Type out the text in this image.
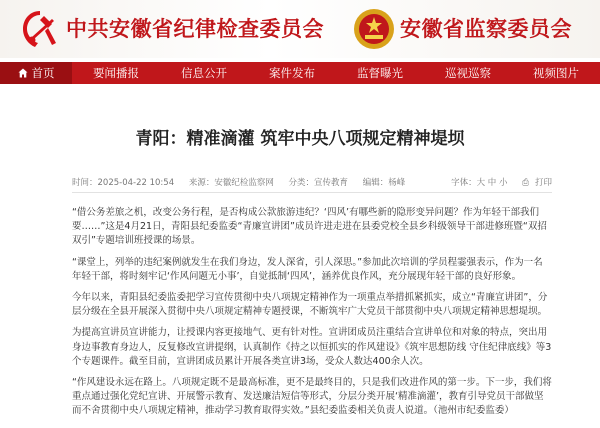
中共安徽省纪律检查委员会	安徽省监察委员会
首页	要闻播报	信息公开	案件发布	监督曝光	巡视巡察	视频图片
青阳：精准滴灌 筑牢中央八项规定精神堤坝
时间：2025-04-22 10:54 来源：安徽纪检监察网 分类：宣传教育 编辑：杨峰	字体：大 中 小 ⎙ 打印

“借公务差旅之机，改变公务行程，是否构成公款旅游违纪？‘四风’有哪些新的隐形变异问题？作为年轻干部我们要……”这是4月21日，青阳县纪委监委“青廉宣讲团”成员许进走进在县委党校全县乡科级领导干部进修班暨“双招双引”专题培训班授课的场景。

“课堂上，列举的违纪案例就发生在我们身边，发人深省，引人深思。”参加此次培训的学员程霎强表示，作为一名年轻干部，将时刻牢记‘作风问题无小事’，自觉抵制‘四风’，涵养优良作风，充分展现年轻干部的良好形象。

今年以来，青阳县纪委监委把学习宣传贯彻中央八项规定精神作为一项重点举措抓紧抓实，成立“青廉宣讲团”，分层分级在全县开展深入贯彻中央八项规定精神专题授课，不断筑牢广大党员干部贯彻中央八项规定精神思想堤坝。

为提高宣讲员宣讲能力，让授课内容更接地气、更有针对性。宣讲团成员注重结合宣讲单位和对象的特点，突出用身边事教育身边人，反复修改宣讲提纲，认真制作《持之以恒抓实的作风建设》《筑牢思想防线 守住纪律底线》等3个专题课件。截至目前，宣讲团成员累计开展各类宣讲3场，受众人数达400余人次。

“作风建设永远在路上。八项规定既不是最高标准，更不是最终目的，只是我们改进作风的第一步。下一步，我们将重点通过强化党纪宣讲、开展警示教育、发送廉洁短信等形式，分层分类开展‘精准滴灌’，教育引导党员干部做坚而不舍贯彻中央八项规定精神，推动学习教育取得实效。”县纪委监委相关负责人说道。（池州市纪委监委）
